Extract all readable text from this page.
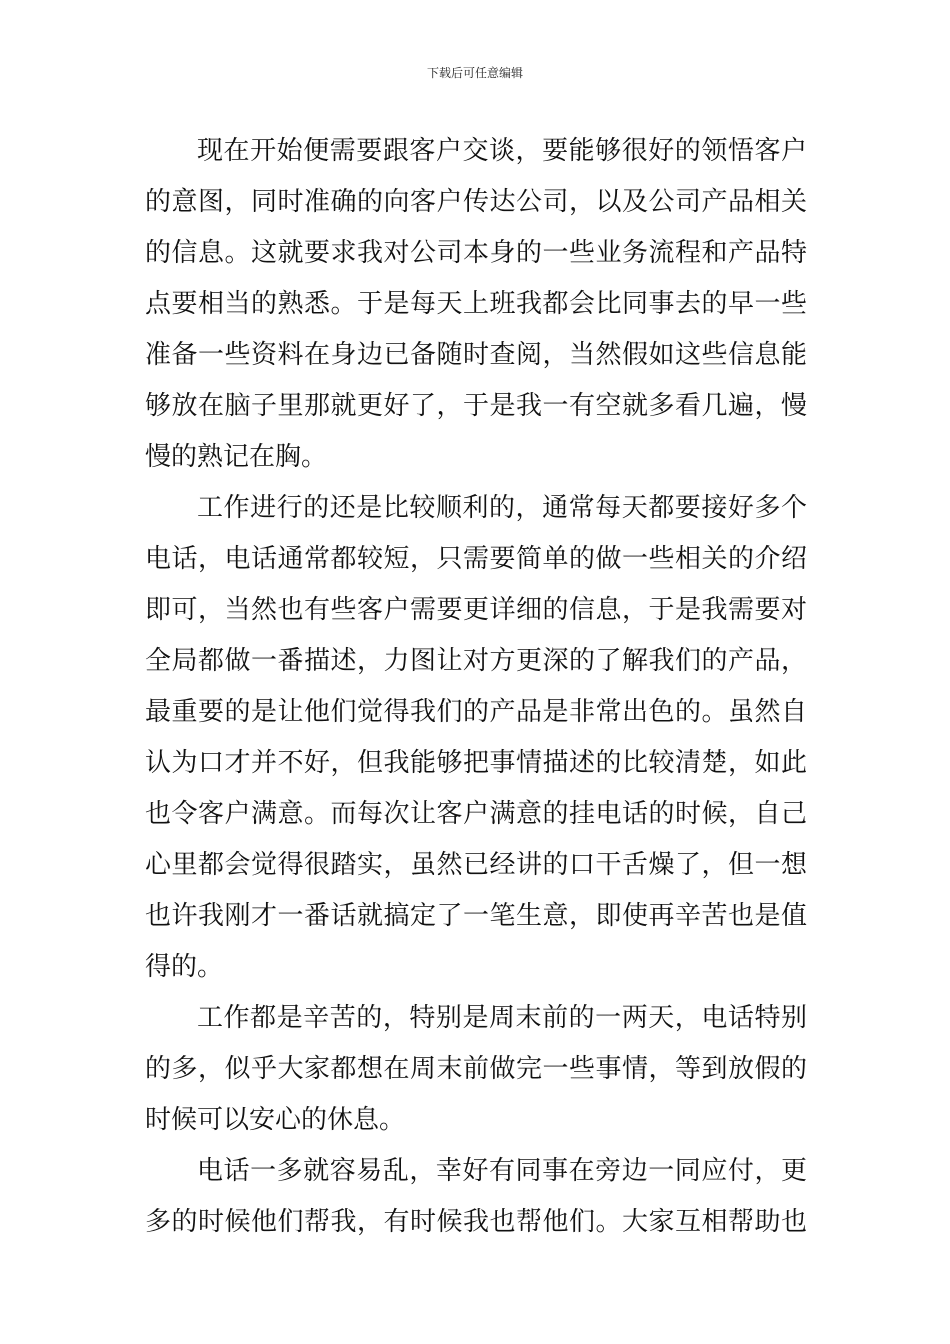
下载后可任意编辑
现在开始便需要跟客户交谈，要能够很好的领悟客户
的意图，同时准确的向客户传达公司，以及公司产品相关
的信息。这就要求我对公司本身的一些业务流程和产品特
点要相当的熟悉。于是每天上班我都会比同事去的早一些
准备一些资料在身边已备随时查阅，当然假如这些信息能
够放在脑子里那就更好了，于是我一有空就多看几遍，慢
慢的熟记在胸。
工作进行的还是比较顺利的，通常每天都要接好多个
电话，电话通常都较短，只需要简单的做一些相关的介绍
即可，当然也有些客户需要更详细的信息，于是我需要对
全局都做一番描述，力图让对方更深的了解我们的产品，
最重要的是让他们觉得我们的产品是非常出色的。虽然自
认为口才并不好，但我能够把事情描述的比较清楚，如此
也令客户满意。而每次让客户满意的挂电话的时候，自己
心里都会觉得很踏实，虽然已经讲的口干舌燥了，但一想
也许我刚才一番话就搞定了一笔生意，即使再辛苦也是值
得的。
工作都是辛苦的，特别是周末前的一两天，电话特别
的多，似乎大家都想在周末前做完一些事情，等到放假的
时候可以安心的休息。
电话一多就容易乱，幸好有同事在旁边一同应付，更
多的时候他们帮我，有时候我也帮他们。大家互相帮助也
